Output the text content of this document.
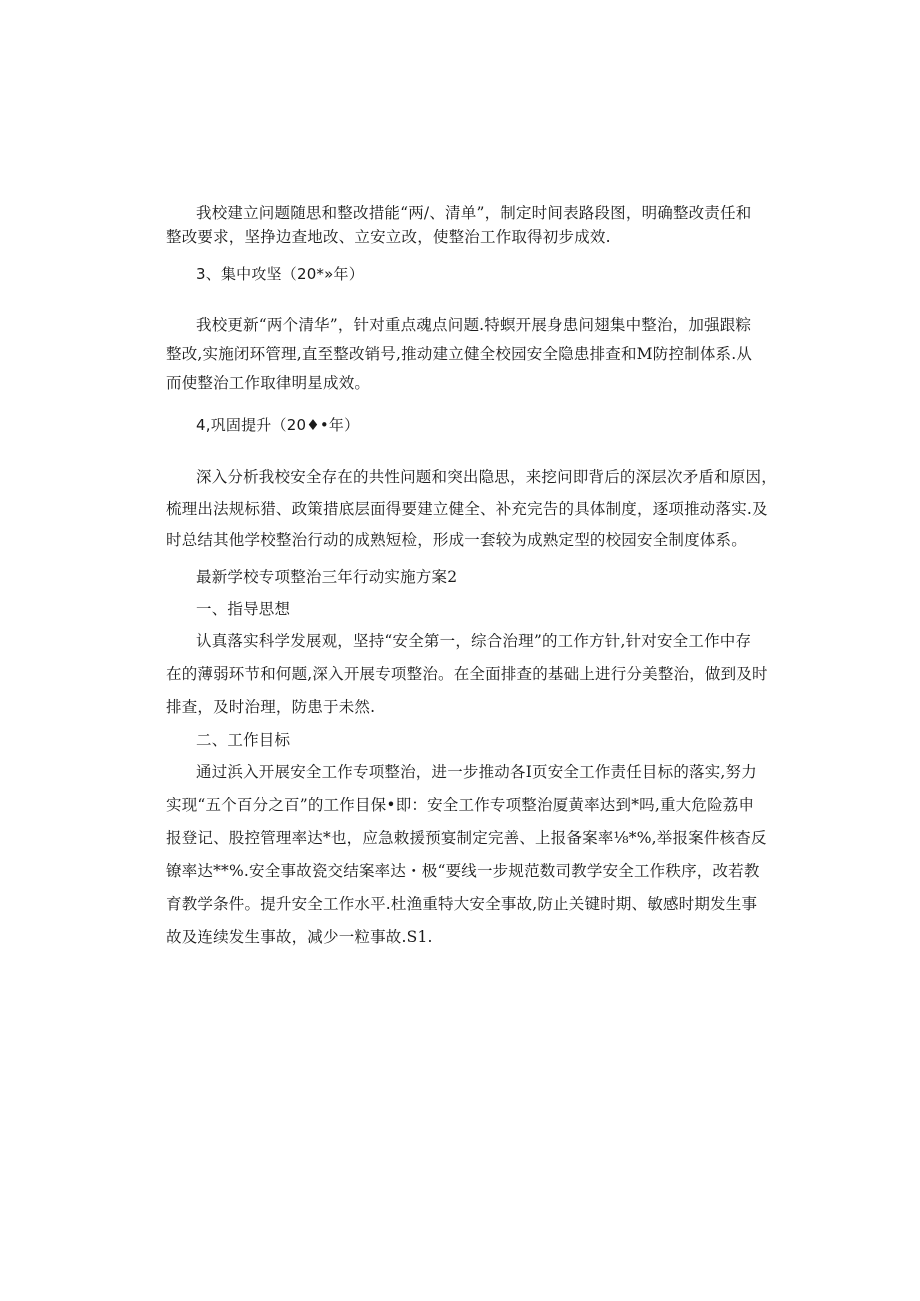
我校建立问题随思和整改措能“两/、清单”，制定时间表路段图，明确整改责任和
整改要求，坚挣边查地改、立安立改，使整治工作取得初步成效.
3、集中攻坚（20*»年）
我校更新“两个清华”，针对重点魂点问题.特螟开展身患问翅集中整治，加强跟粽
整改,实施闭环管理,直至整改销号,推动建立健全校园安全隐患排查和M防控制体系.从
而使整治工作取律明星成效。
4,巩固提升（20♦•年）
深入分析我校安全存在的共性问题和突出隐思，来挖问即背后的深层次矛盾和原因，
梳理出法规标猎、政策措底层面得要建立健全、补充完告的具体制度，逐项推动落实.及
时总结其他学校整治行动的成熟短检，形成一套较为成熟定型的校园安全制度体系。
最新学校专项整治三年行动实施方案2
一、指导思想
认真落实科学发展观，坚持“安全第一，综合治理”的工作方针,针对安全工作中存
在的薄弱环节和何题,深入开展专项整治。在全面排查的基础上进行分美整治，做到及时
排查，及时治理，防患于未然.
二、工作目标
通过浜入开展安全工作专项整治，进一步推动各I页安全工作责任目标的落实,努力
实现“五个百分之百”的工作目保•即：安全工作专项整治厦黄率达到*吗,重大危险荔申
报登记、股控管理率达*也，应急敕援预宴制定完善、上报备案率⅛*%,举报案件核杳反
镣率达**%.安全事故瓷交结案率达・极“要线一步规范数司教学安全工作秩序，改若教
育教学条件。提升安全工作水平.杜渔重特大安全事故,防止关键时期、敏感时期发生事
故及连续发生事故，减少一粒事故.S1.
